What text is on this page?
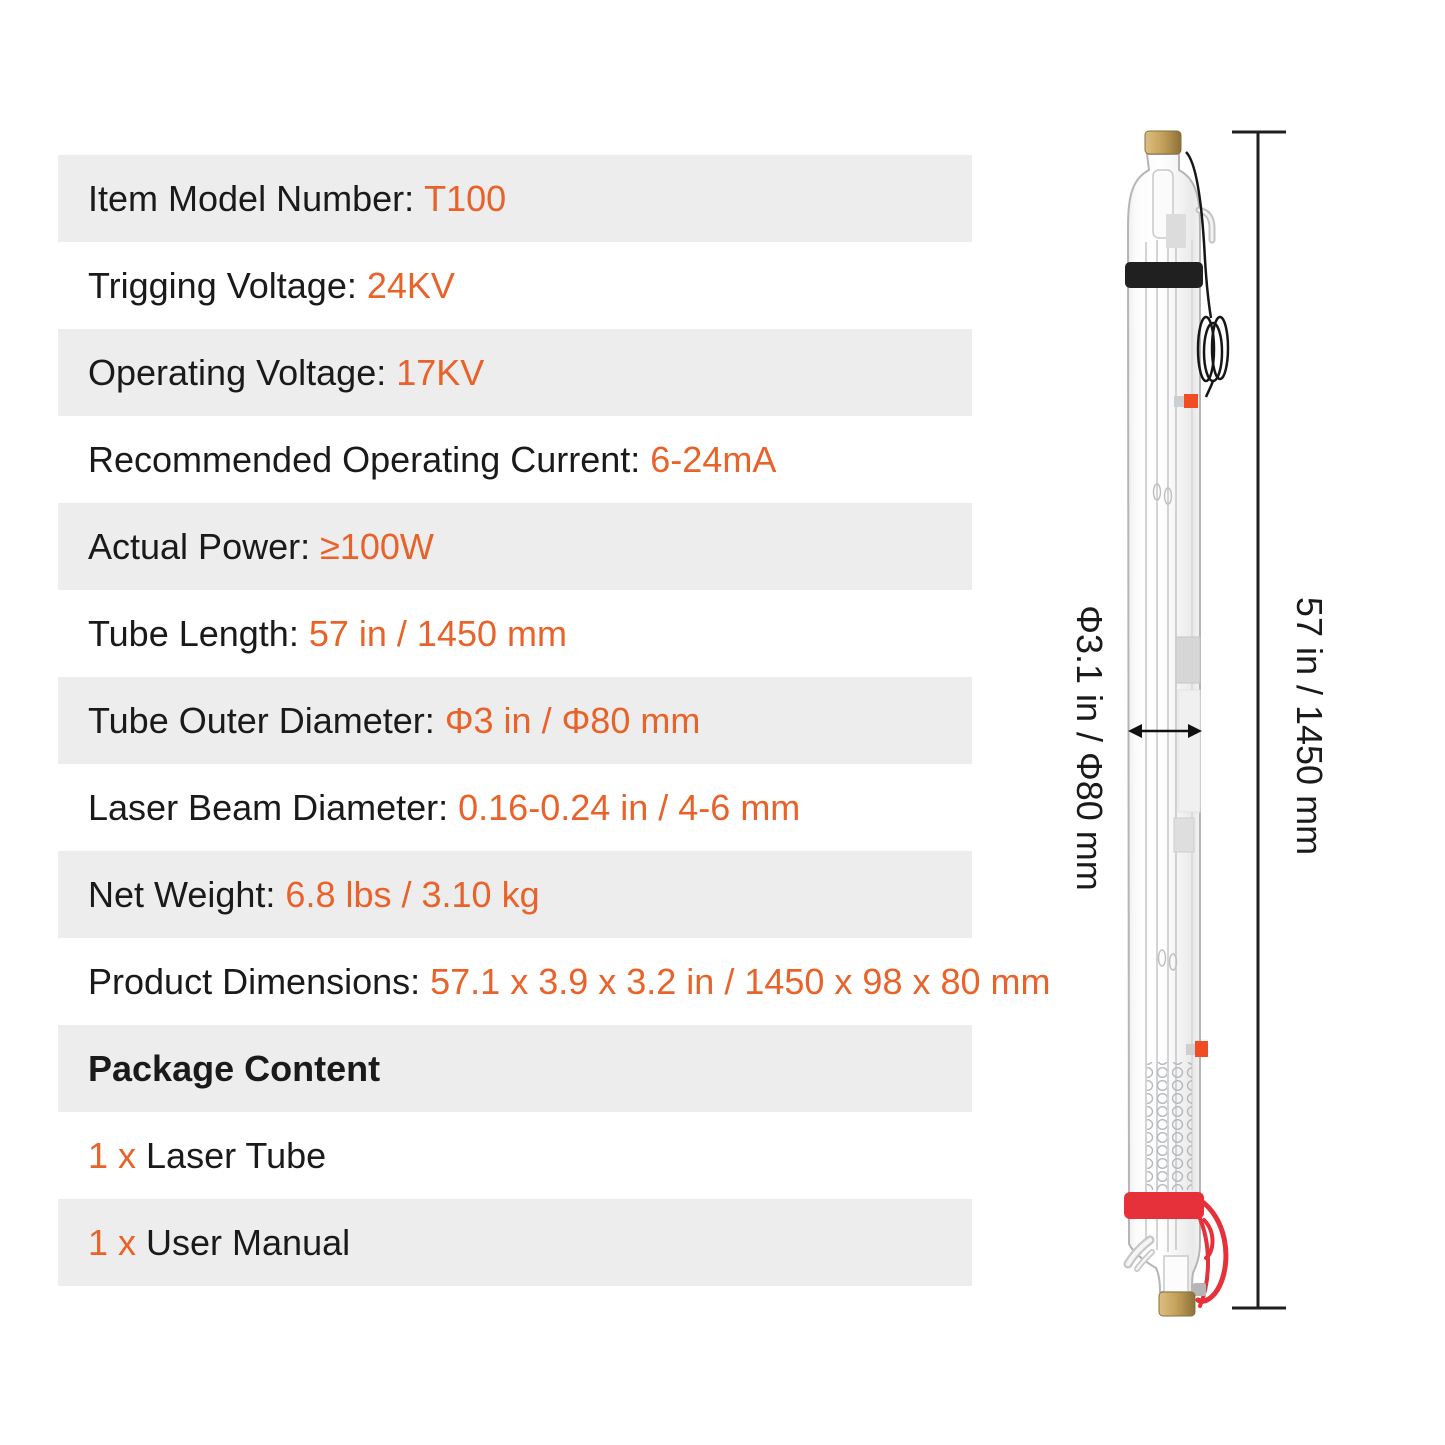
Item Model Number: T100
Trigging Voltage: 24KV
Operating Voltage: 17KV
Recommended Operating Current: 6-24mA
Actual Power: ≥100W
Tube Length: 57 in / 1450 mm
Tube Outer Diameter: Φ3 in / Φ80 mm
Laser Beam Diameter: 0.16-0.24 in / 4-6 mm
Net Weight: 6.8 lbs / 3.10 kg
Product Dimensions: 57.1 x 3.9 x 3.2 in / 1450 x 98 x 80 mm
Package Content
1 x Laser Tube
1 x User Manual
Φ3.1 in / Φ80 mm	57 in / 1450 mm
